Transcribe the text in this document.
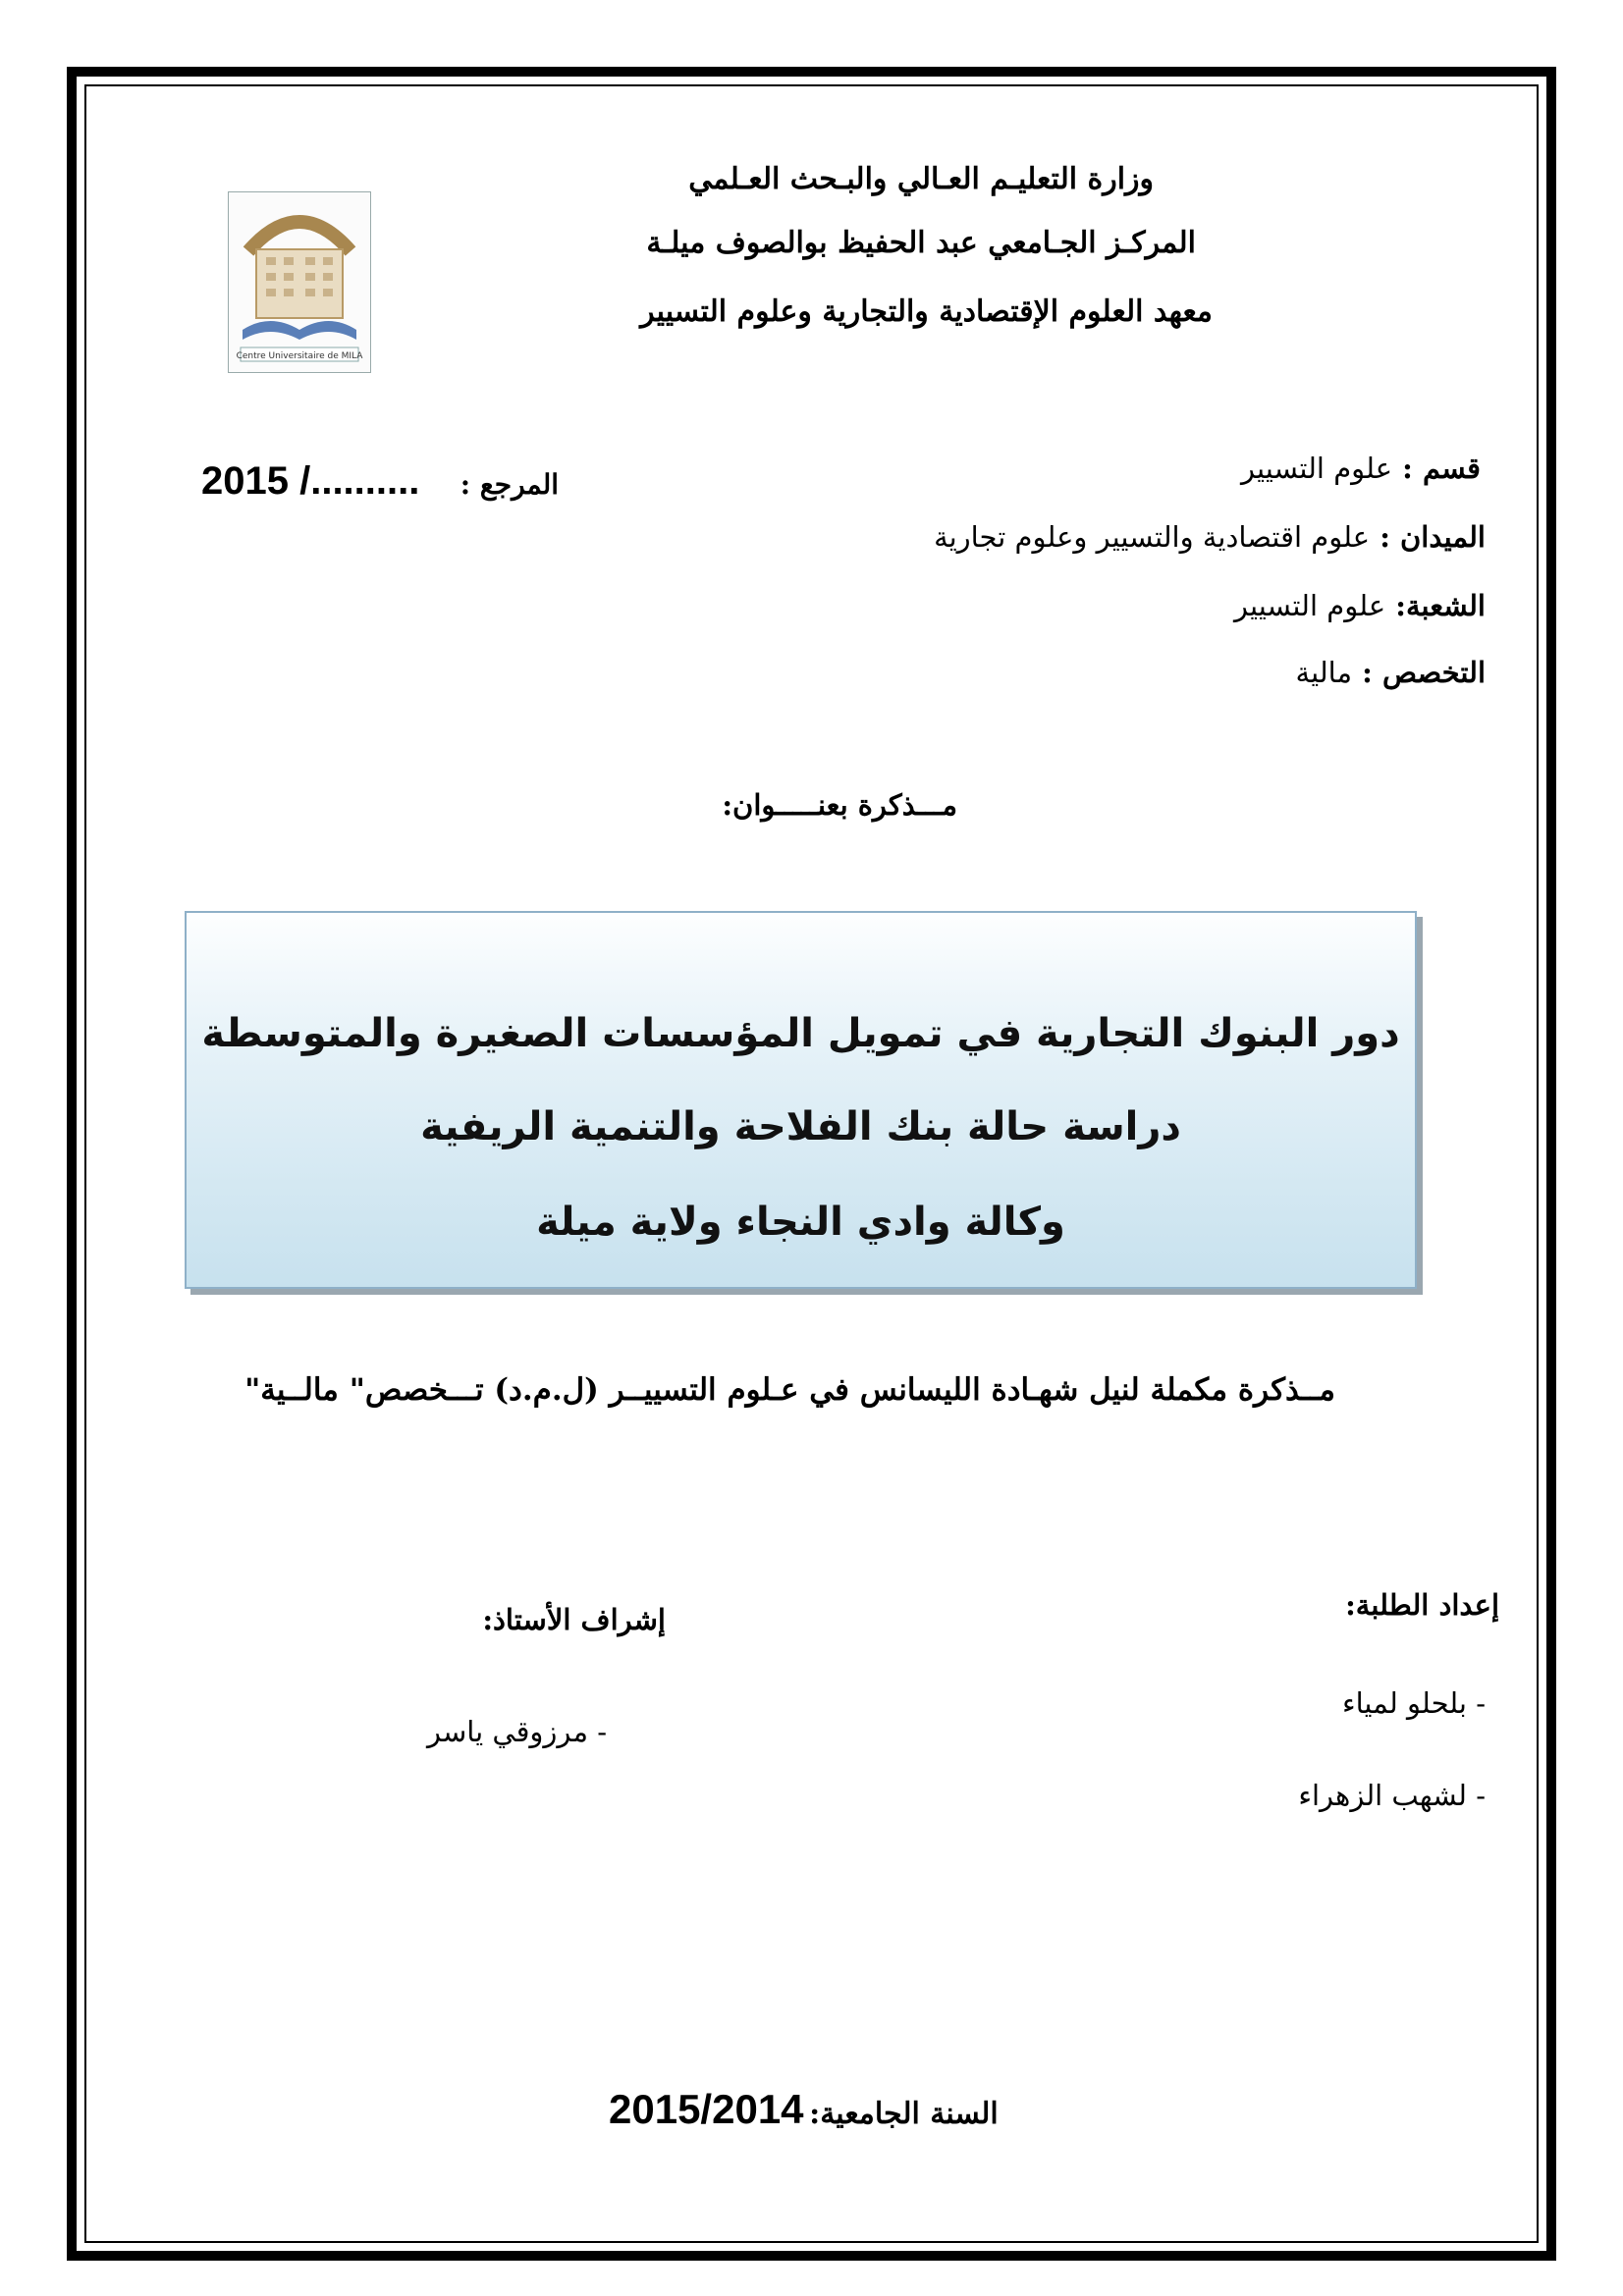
وزارة التعليـم العـالي والبـحث العـلمي
المركـز الجـامعي عبد الحفيظ بوالصوف ميلـة
معهد العلوم الإقتصادية والتجارية وعلوم التسيير
Centre Universitaire de MILA
قسم : علوم التسيير
الميدان : علوم اقتصادية والتسيير وعلوم تجارية
الشعبة: علوم التسيير
التخصص : مالية
2015 /.......... المرجع :
مـــذكرة بعنـــــوان:
دور البنوك التجارية في تمويل المؤسسات الصغيرة والمتوسطة
دراسة حالة بنك الفلاحة والتنمية الريفية
وكالة وادي النجاء ولاية ميلة
مــذكرة مكملة لنيل شهـادة الليسانس في عـلوم التسييــر (ل.م.د) تـــخصص" مالــية"
إعداد الطلبة:
- بلحلو لمياء
- لشهب الزهراء
إشراف الأستاذ:
- مرزوقي ياسر
2015/2014 السنة الجامعية:
